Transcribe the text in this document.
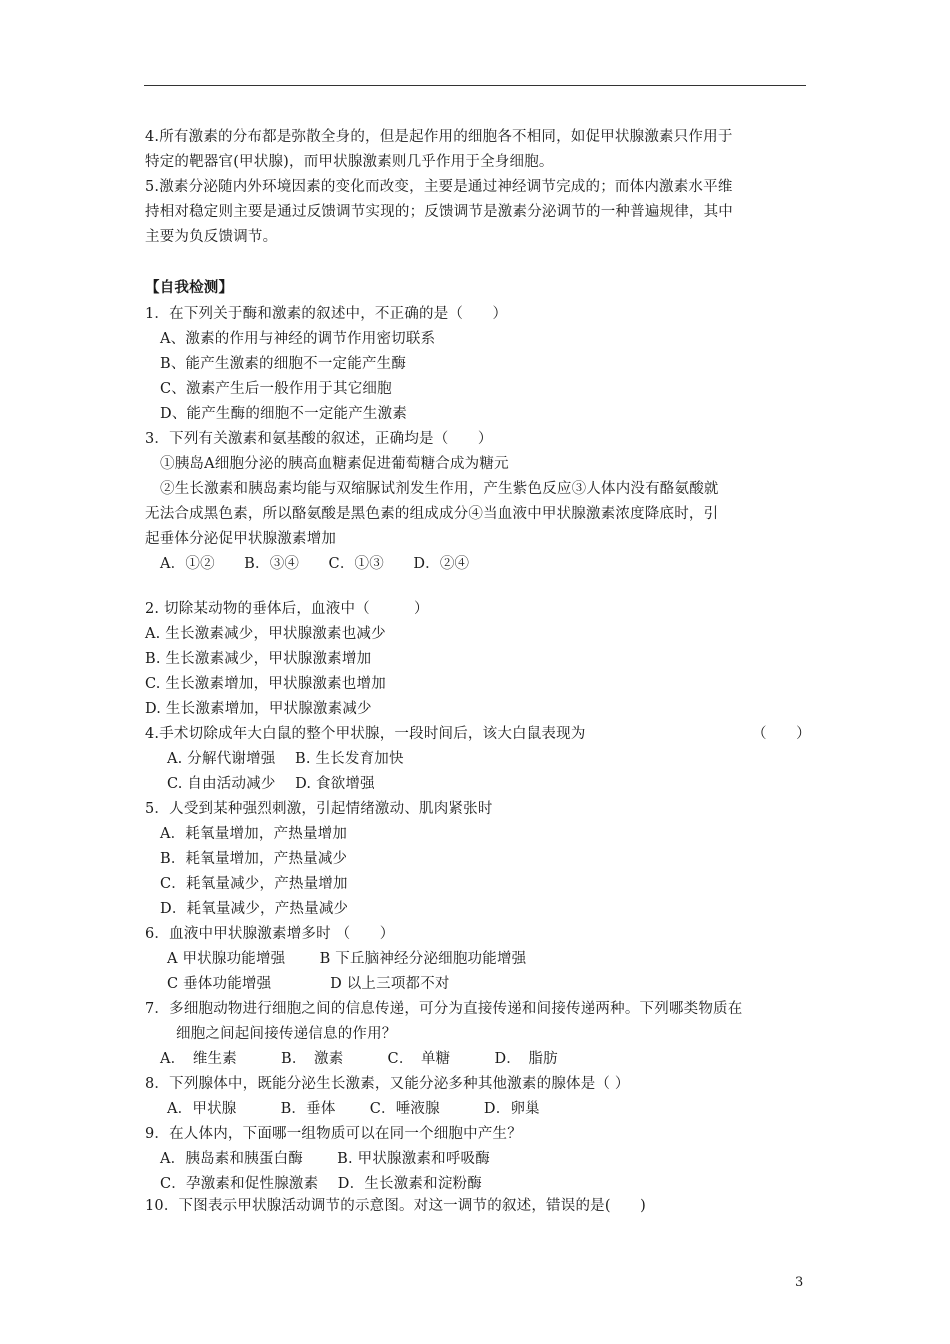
4.所有激素的分布都是弥散全身的，但是起作用的细胞各不相同，如促甲状腺激素只作用于
特定的靶器官(甲状腺)，而甲状腺激素则几乎作用于全身细胞。
5.激素分泌随内外环境因素的变化而改变，主要是通过神经调节完成的；而体内激素水平维
持相对稳定则主要是通过反馈调节实现的；反馈调节是激素分泌调节的一种普遍规律，其中
主要为负反馈调节。
【自我检测】
1．在下列关于酶和激素的叙述中，不正确的是（　　）
A、激素的作用与神经的调节作用密切联系
B、能产生激素的细胞不一定能产生酶
C、激素产生后一般作用于其它细胞
D、能产生酶的细胞不一定能产生激素
3．下列有关激素和氨基酸的叙述，正确均是（　　）
①胰岛A细胞分泌的胰高血糖素促进葡萄糖合成为糖元
②生长激素和胰岛素均能与双缩脲试剂发生作用，产生紫色反应③人体内没有酪氨酸就
无法合成黑色素，所以酪氨酸是黑色素的组成成分④当血液中甲状腺激素浓度降底时，引
起垂体分泌促甲状腺激素增加
A．①②　　B．③④　　C．①③　　D．②④
2. 切除某动物的垂体后，血液中（　　　）
A. 生长激素减少，甲状腺激素也减少
B. 生长激素减少，甲状腺激素增加
C. 生长激素增加，甲状腺激素也增加
D. 生长激素增加，甲状腺激素减少
4.手术切除成年大白鼠的整个甲状腺，一段时间后，该大白鼠表现为	（　　）
A. 分解代谢增强　 B. 生长发育加快
C. 自由活动减少　 D. 食欲增强
5．人受到某种强烈刺激，引起情绪激动、肌肉紧张时
A．耗氧量增加，产热量增加
B．耗氧量增加，产热量减少
C．耗氧量减少，产热量增加
D．耗氧量减少，产热量减少
6．血液中甲状腺激素增多时 （　　）
A 甲状腺功能增强　　 B 下丘脑神经分泌细胞功能增强
C 垂体功能增强　　　　D 以上三项都不对
7．多细胞动物进行细胞之间的信息传递，可分为直接传递和间接传递两种。下列哪类物质在
细胞之间起间接传递信息的作用？
A．　维生素　　　B．　激素　　　C．　单糖　　　D．　脂肪
8．下列腺体中，既能分泌生长激素，又能分泌多种其他激素的腺体是（ ）
A．甲状腺　　　B．垂体　　 C．唾液腺　　　D．卵巢
9．在人体内，下面哪一组物质可以在同一个细胞中产生？
A．胰岛素和胰蛋白酶　　 B. 甲状腺激素和呼吸酶
C．孕激素和促性腺激素　 D．生长激素和淀粉酶
10．下图表示甲状腺活动调节的示意图。对这一调节的叙述，错误的是(　　)
3
